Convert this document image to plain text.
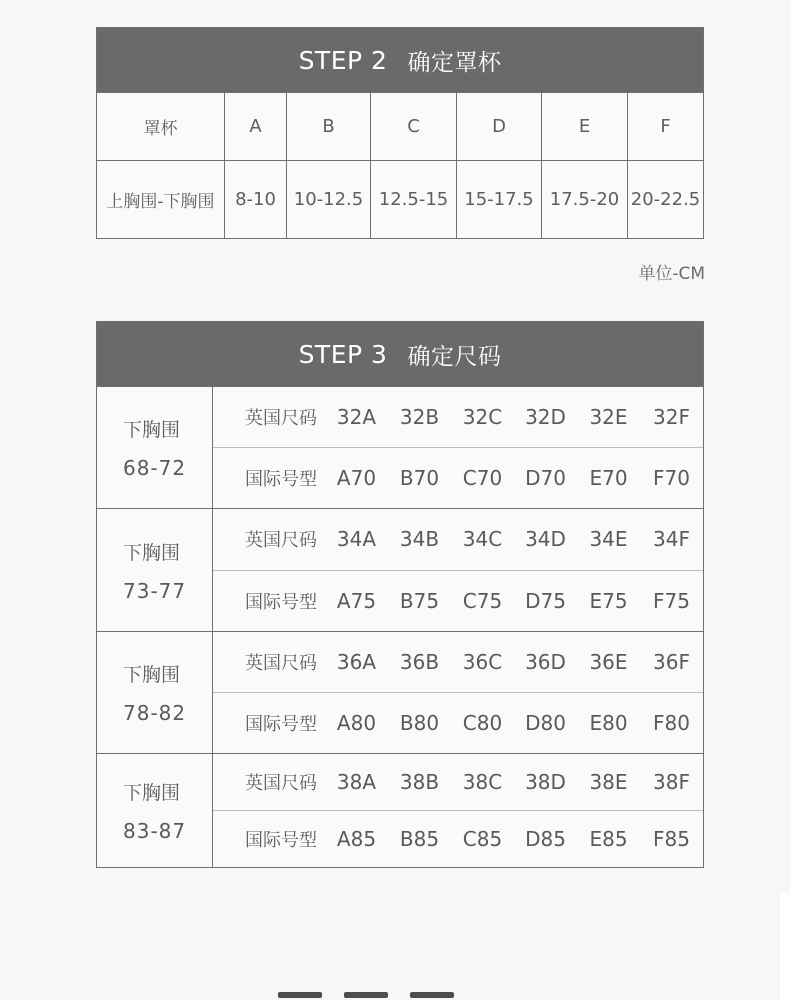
STEP 2 确定罩杯
罩杯	A	B	C	D	E	F
上胸围-下胸围	8-10 10-12.5 12.5-15 15-17.5 17.5-20 20-22.5
单位-CM
STEP 3 确定尺码
下胸围
68-72
英国尺码 32A	32B	32C	32D	32E	32F
国际号型 A70	B70	C70	D70	E70	F70
下胸围
73-77
英国尺码 34A	34B	34C	34D	34E	34F
国际号型 A75	B75	C75	D75	E75	F75
下胸围
78-82
英国尺码 36A	36B	36C	36D	36E	36F
国际号型 A80	B80	C80	D80	E80	F80
下胸围
83-87
英国尺码 38A	38B	38C	38D	38E	38F
国际号型 A85	B85	C85	D85	E85	F85
